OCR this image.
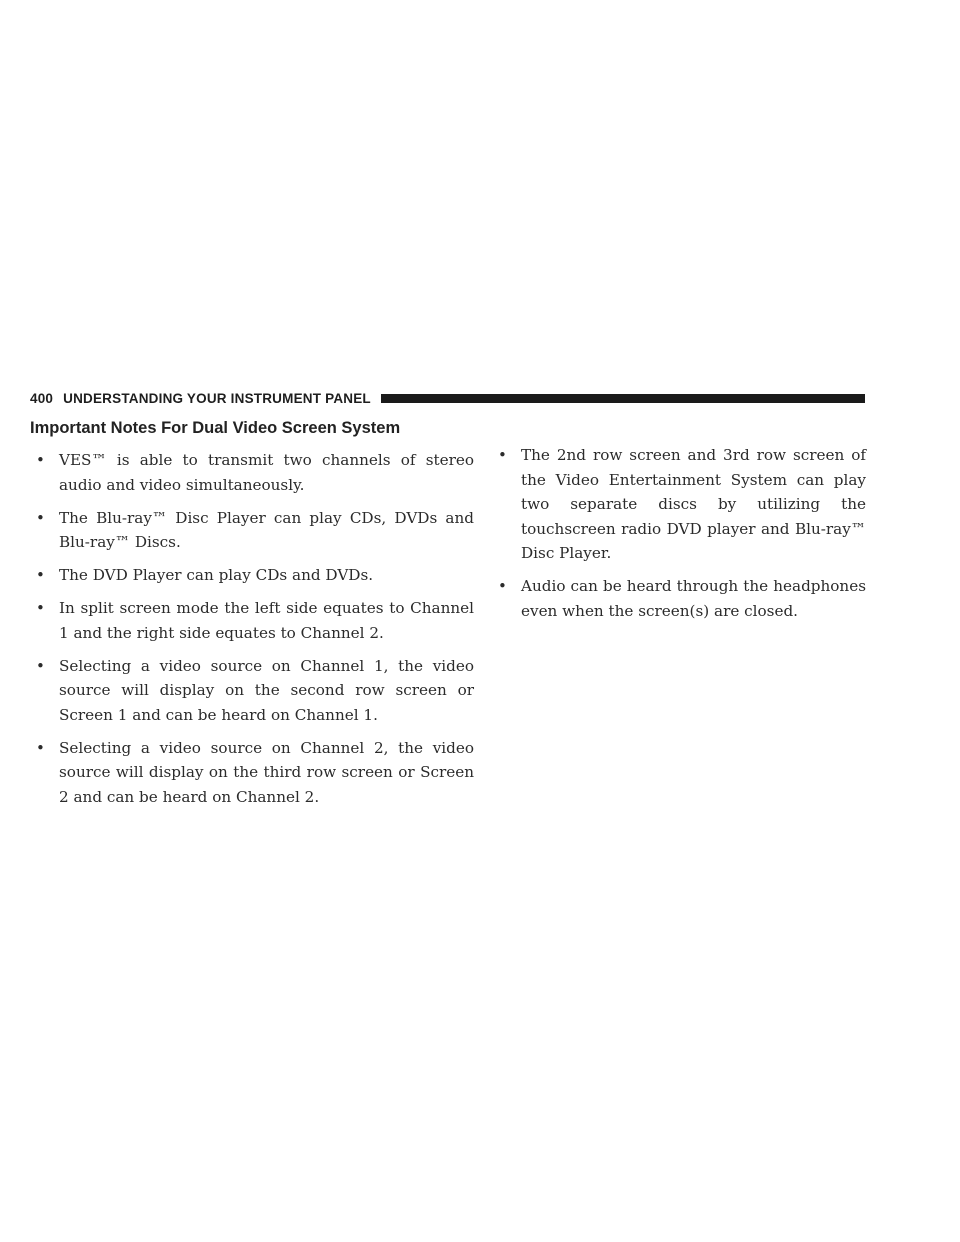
400 UNDERSTANDING YOUR INSTRUMENT PANEL
Important Notes For Dual Video Screen System
• VES™ is able to transmit two channels of stereo audio and video simultaneously.
• The Blu-ray™ Disc Player can play CDs, DVDs and Blu-ray™ Discs.
• The DVD Player can play CDs and DVDs.
• In split screen mode the left side equates to Channel 1 and the right side equates to Channel 2.
• Selecting a video source on Channel 1, the video source will display on the second row screen or Screen 1 and can be heard on Channel 1.
• Selecting a video source on Channel 2, the video source will display on the third row screen or Screen 2 and can be heard on Channel 2.
• The 2nd row screen and 3rd row screen of the Video Entertainment System can play two separate discs by utilizing the touchscreen radio DVD player and Blu-ray™ Disc Player.
• Audio can be heard through the headphones even when the screen(s) are closed.
